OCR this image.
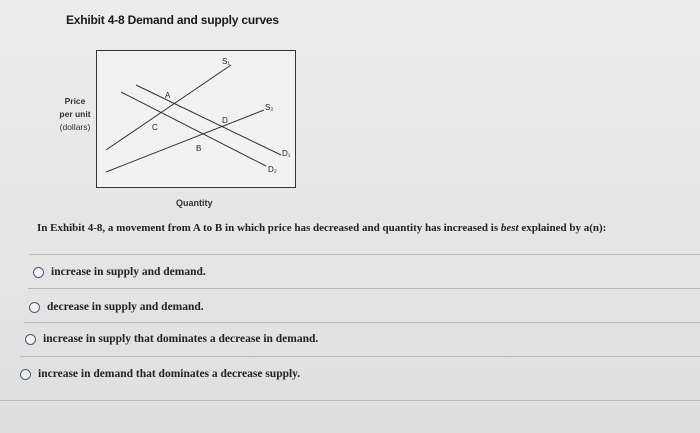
Exhibit 4-8 Demand and supply curves
Price
per unit
(dollars)
S₁
S₂
D₁
D₂
A
B
C
D
Quantity
In Exhibit 4-8, a movement from A to B in which price has decreased and quantity has increased is best explained by a(n):
increase in supply and demand.
decrease in supply and demand.
increase in supply that dominates a decrease in demand.
increase in demand that dominates a decrease supply.
